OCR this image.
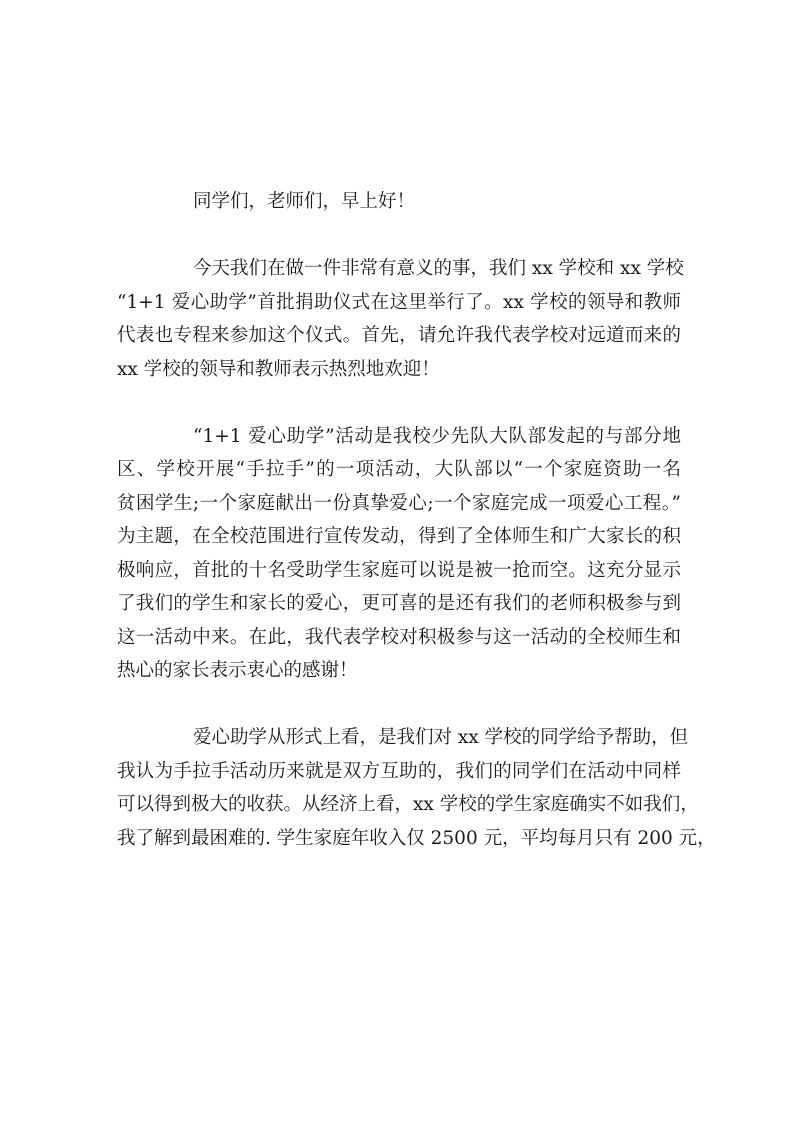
同学们，老师们，早上好！
今天我们在做一件非常有意义的事，我们 xx 学校和 xx 学校
“1+1 爱心助学”首批捐助仪式在这里举行了。xx 学校的领导和教师
代表也专程来参加这个仪式。首先，请允许我代表学校对远道而来的
xx 学校的领导和教师表示热烈地欢迎！
“1+1 爱心助学”活动是我校少先队大队部发起的与部分地
区、学校开展“手拉手”的一项活动，大队部以“一个家庭资助一名
贫困学生;一个家庭献出一份真挚爱心;一个家庭完成一项爱心工程。”
为主题，在全校范围进行宣传发动，得到了全体师生和广大家长的积
极响应，首批的十名受助学生家庭可以说是被一抢而空。这充分显示
了我们的学生和家长的爱心，更可喜的是还有我们的老师积极参与到
这一活动中来。在此，我代表学校对积极参与这一活动的全校师生和
热心的家长表示衷心的感谢！
爱心助学从形式上看，是我们对 xx 学校的同学给予帮助，但
我认为手拉手活动历来就是双方互助的，我们的同学们在活动中同样
可以得到极大的收获。从经济上看，xx 学校的学生家庭确实不如我们，
我了解到最困难的. 学生家庭年收入仅 2500 元，平均每月只有 200 元，
